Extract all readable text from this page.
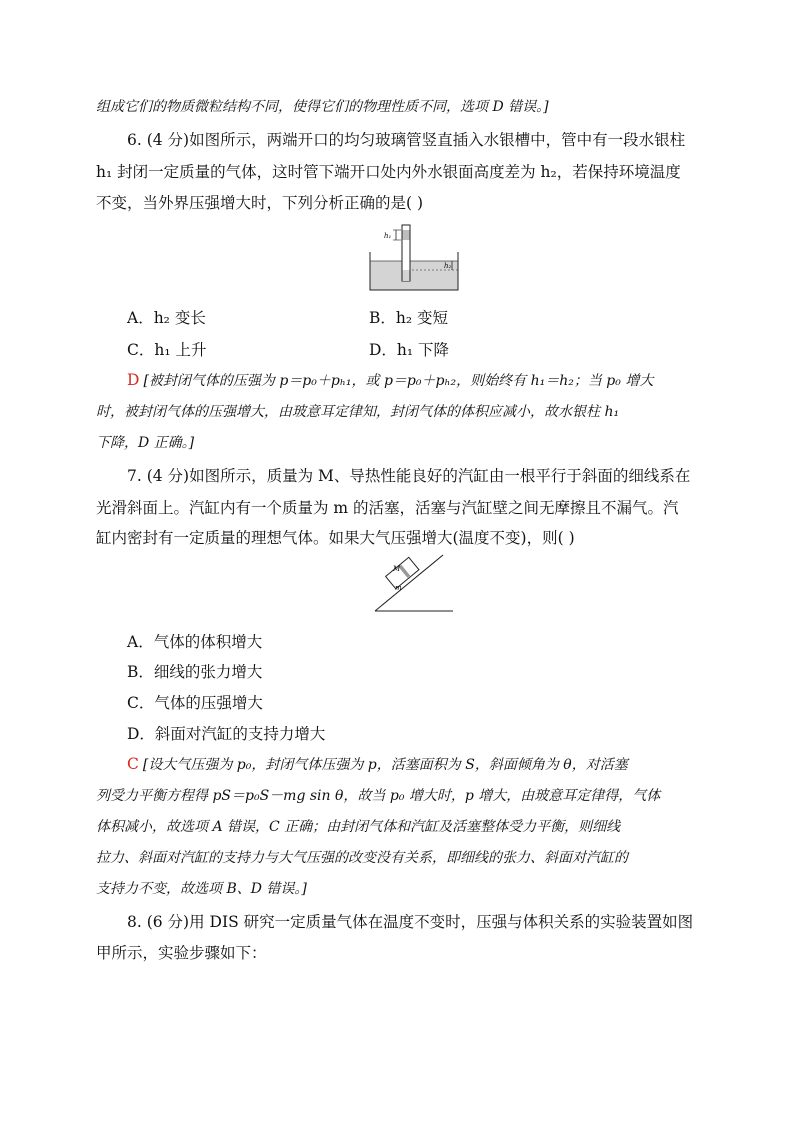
组成它们的物质微粒结构不同，使得它们的物理性质不同，选项 D 错误。]
6. (4 分)如图所示，两端开口的均匀玻璃管竖直插入水银槽中，管中有一段水银柱
h₁ 封闭一定质量的气体，这时管下端开口处内外水银面高度差为 h₂，若保持环境温度
不变，当外界压强增大时，下列分析正确的是( )
h₁
h₂
A．h₂ 变长	B．h₂ 变短
C．h₁ 上升	D．h₁ 下降
D [被封闭气体的压强为 p＝p₀＋pₕ₁，或 p＝p₀＋pₕ₂，则始终有 h₁＝h₂；当 p₀ 增大
时，被封闭气体的压强增大，由玻意耳定律知，封闭气体的体积应减小，故水银柱 h₁
下降，D 正确。]
7. (4 分)如图所示，质量为 M、导热性能良好的汽缸由一根平行于斜面的细线系在
光滑斜面上。汽缸内有一个质量为 m 的活塞，活塞与汽缸壁之间无摩擦且不漏气。汽
缸内密封有一定质量的理想气体。如果大气压强增大(温度不变)，则( )
M
m
A．气体的体积增大
B．细线的张力增大
C．气体的压强增大
D．斜面对汽缸的支持力增大
C [设大气压强为 p₀，封闭气体压强为 p，活塞面积为 S，斜面倾角为 θ，对活塞
列受力平衡方程得 pS＝p₀S－mg sin θ，故当 p₀ 增大时，p 增大，由玻意耳定律得，气体
体积减小，故选项 A 错误，C 正确；由封闭气体和汽缸及活塞整体受力平衡，则细线
拉力、斜面对汽缸的支持力与大气压强的改变没有关系，即细线的张力、斜面对汽缸的
支持力不变，故选项 B、D 错误。]
8. (6 分)用 DIS 研究一定质量气体在温度不变时，压强与体积关系的实验装置如图
甲所示，实验步骤如下：
